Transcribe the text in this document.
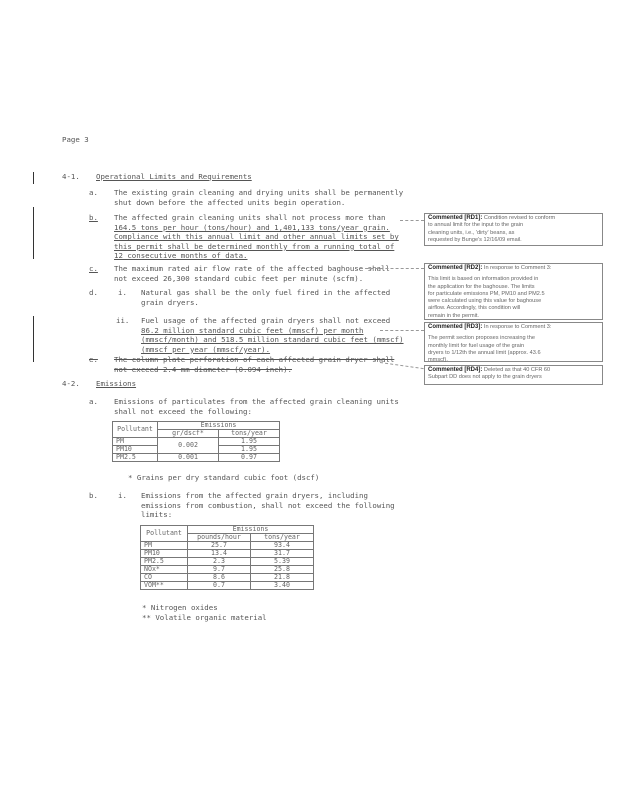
Page 3
4-1. Operational Limits and Requirements
a. The existing grain cleaning and drying units shall be permanently
shut down before the affected units begin operation.
b. The affected grain cleaning units shall not process more than
164.5 tons per hour (tons/hour) and 1,401,133 tons/year grain.
Compliance with this annual limit and other annual limits set by
this permit shall be determined monthly from a running total of
12 consecutive months of data.
c. The maximum rated air flow rate of the affected baghouse shall
not exceed 26,300 standard cubic feet per minute (scfm).
d.	i. Natural gas shall be the only fuel fired in the affected
grain dryers.
ii. Fuel usage of the affected grain dryers shall not exceed
86.2 million standard cubic feet (mmscf) per month
(mmscf/month) and 518.5 million standard cubic feet (mmscf)
(mmscf per year (mmscf/year).
e. The column plate perforation of each affected grain dryer shall
not exceed 2.4 mm diameter (0.094 inch).
4-2. Emissions
a. Emissions of particulates from the affected grain cleaning units
shall not exceed the following:
Pollutant	Emissions	
	gr/dscf*	tons/year
PM	0.002	1.95
PM10		1.95
PM2.5	0.001	0.97
* Grains per dry standard cubic foot (dscf)
b.	i. Emissions from the affected grain dryers, including
emissions from combustion, shall not exceed the following
limits:
Pollutant	Emissions	
	pounds/hour	tons/year
PM	25.7	93.4
PM10	13.4	31.7
PM2.5	2.3	5.39
NOx*	9.7	25.8
CO	8.6	21.8
VOM**	0.7	3.40
* Nitrogen oxides
** Volatile organic material
Commented [RD1]: Condition revised to conform
to annual limit for the input to the grain
cleaning units, i.e., 'dirty' beans, as
requested by Bunge's 12/16/09 email.
Commented [RD2]: In response to Comment 3:
This limit is based on information provided in
the application for the baghouse. The limits
for particulate emissions PM, PM10 and PM2.5
were calculated using this value for baghouse
airflow. Accordingly, this condition will
remain in the permit.
Commented [RD3]: In response to Comment 3:
The permit section proposes increasing the
monthly limit for fuel usage of the grain
dryers to 1/12th the annual limit (approx. 43.6
mmscf).
Commented [RD4]: Deleted as that 40 CFR 60
Subpart DD does not apply to the grain dryers
